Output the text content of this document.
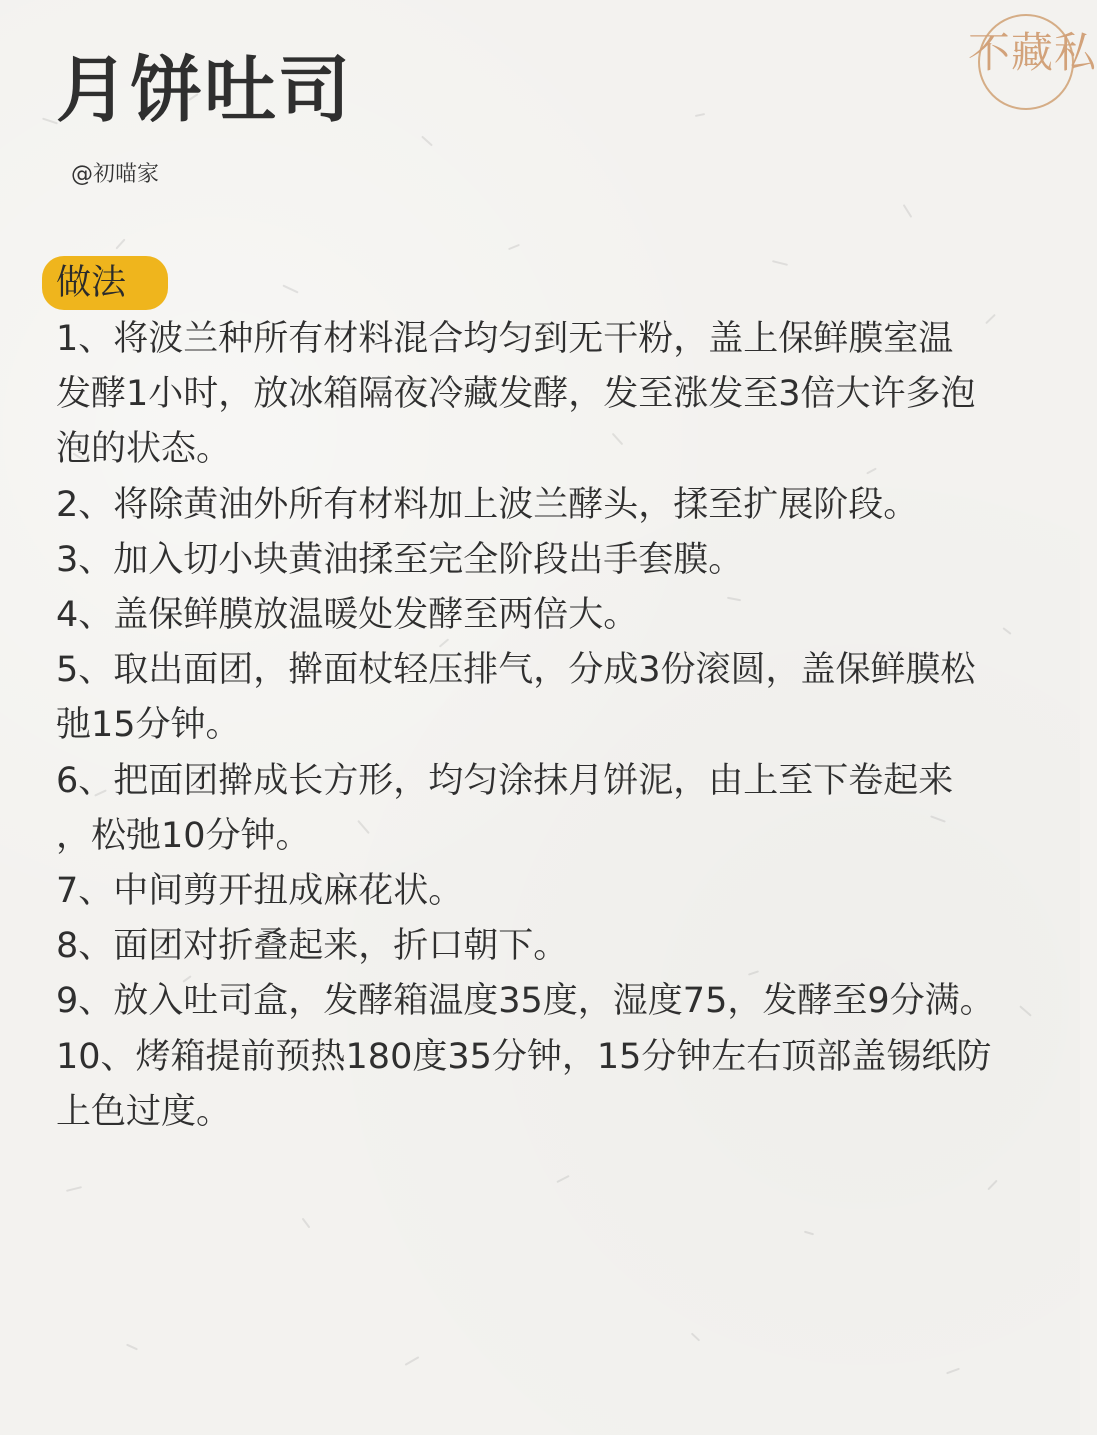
月饼吐司
@初喵家
不藏私
做法
1、将波兰种所有材料混合均匀到无干粉，盖上保鲜膜室温
发酵1小时，放冰箱隔夜冷藏发酵，发至涨发至3倍大许多泡
泡的状态。
2、将除黄油外所有材料加上波兰酵头，揉至扩展阶段。
3、加入切小块黄油揉至完全阶段出手套膜。
4、盖保鲜膜放温暖处发酵至两倍大。
5、取出面团，擀面杖轻压排气，分成3份滚圆，盖保鲜膜松
弛15分钟。
6、把面团擀成长方形，均匀涂抹月饼泥，由上至下卷起来
，松弛10分钟。
7、中间剪开扭成麻花状。
8、面团对折叠起来，折口朝下。
9、放入吐司盒，发酵箱温度35度，湿度75，发酵至9分满。
10、烤箱提前预热180度35分钟，15分钟左右顶部盖锡纸防
上色过度。
